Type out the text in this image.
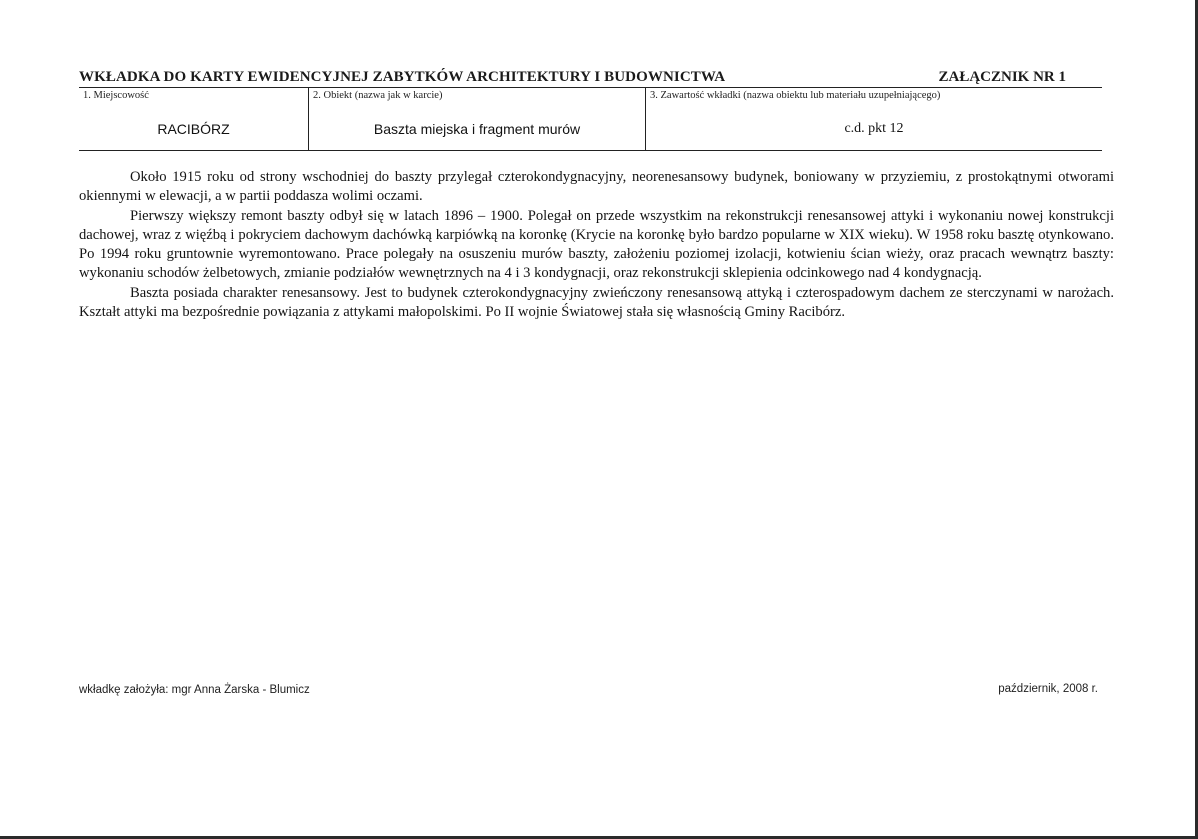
WKŁADKA DO KARTY EWIDENCYJNEJ ZABYTKÓW ARCHITEKTURY I BUDOWNICTWA	ZAŁĄCZNIK NR 1
1. Miejscowość
RACIBÓRZ
2. Obiekt (nazwa jak w karcie)
Baszta miejska i fragment murów
3. Zawartość wkładki (nazwa obiektu lub materiału uzupełniającego)
c.d. pkt 12

Około 1915 roku od strony wschodniej do baszty przylegał czterokondygnacyjny, neorenesansowy budynek, boniowany w przyziemiu, z prostokątnymi otworami okiennymi w elewacji, a w partii poddasza wolimi oczami.

Pierwszy większy remont baszty odbył się w latach 1896 – 1900. Polegał on przede wszystkim na rekonstrukcji renesansowej attyki i wykonaniu nowej konstrukcji dachowej, wraz z więźbą i pokryciem dachowym dachówką karpiówką na koronkę (Krycie na koronkę było bardzo popularne w XIX wieku). W 1958 roku basztę otynkowano. Po 1994 roku gruntownie wyremontowano. Prace polegały na osuszeniu murów baszty, założeniu poziomej izolacji, kotwieniu ścian wieży, oraz pracach wewnątrz baszty: wykonaniu schodów żelbetowych, zmianie podziałów wewnętrznych na 4 i 3 kondygnacji, oraz rekonstrukcji sklepienia odcinkowego nad 4 kondygnacją.

Baszta posiada charakter renesansowy. Jest to budynek czterokondygnacyjny zwieńczony renesansową attyką i czterospadowym dachem ze sterczynami w narożach. Kształt attyki ma bezpośrednie powiązania z attykami małopolskimi. Po II wojnie Światowej stała się własnością Gminy Racibórz.

wkładkę założyła: mgr Anna Żarska - Blumicz	październik, 2008 r.
